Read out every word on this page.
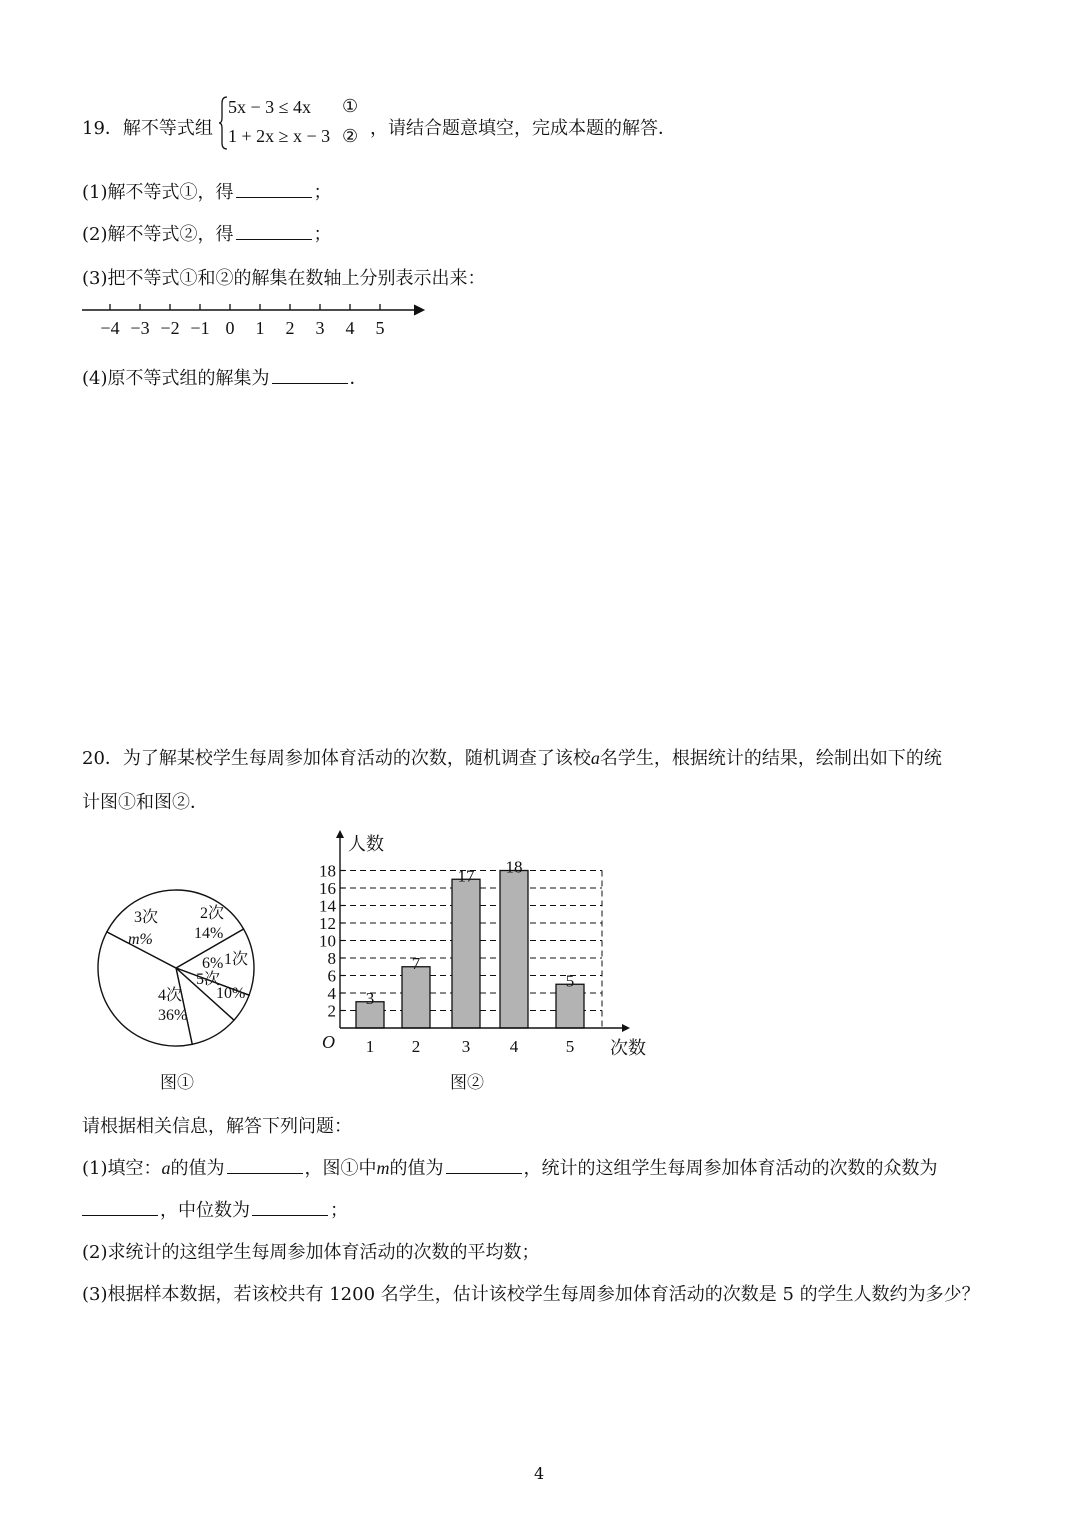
19．解不等式组
5x − 3 ≤ 4x
1 + 2x ≥ x − 3
①
② ，请结合题意填空，完成本题的解答．
(1)解不等式①，得	；
(2)解不等式②，得	；
(3)把不等式①和②的解集在数轴上分别表示出来：
−4 −3 −2 −1 0 1 2 3 4 5
(4)原不等式组的解集为	．
20．为了解某校学生每周参加体育活动的次数，随机调查了该校a名学生，根据统计的结果，绘制出如下的统
计图①和图②．
3次
m%
2次
14%
1次
6%
5次
10%
4次
36%
图①
2
4
6
8
10
12
14
16
18
3
1
7
2
17
3
18
4
5
5
人数
次数
O
图②
请根据相关信息，解答下列问题：
(1)填空：a的值为	，图①中m的值为	，统计的这组学生每周参加体育活动的次数的众数为
，中位数为	；
(2)求统计的这组学生每周参加体育活动的次数的平均数；
(3)根据样本数据，若该校共有 1200 名学生，估计该校学生每周参加体育活动的次数是 5 的学生人数约为多少？
4
